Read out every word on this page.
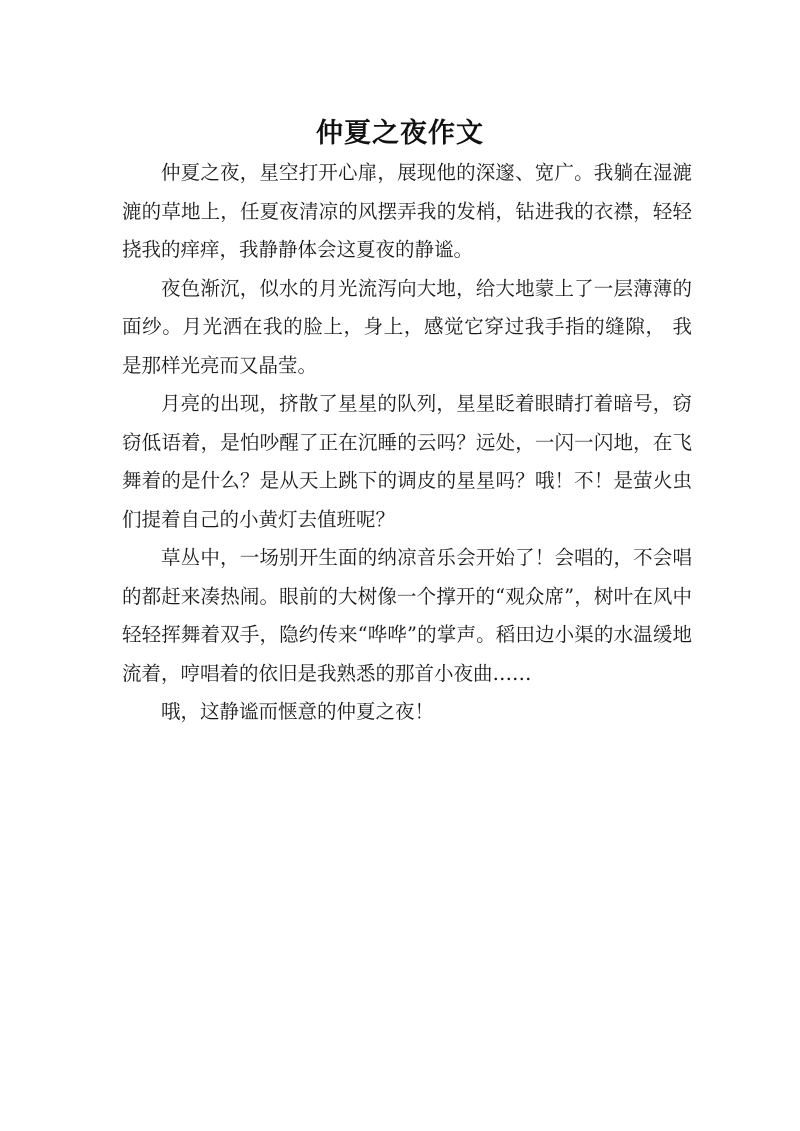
仲夏之夜作文

仲夏之夜，星空打开心扉，展现他的深邃、宽广。我躺在湿漉漉的草地上，任夏夜清凉的风摆弄我的发梢，钻进我的衣襟，轻轻挠我的痒痒，我静静体会这夏夜的静谧。

夜色渐沉，似水的月光流泻向大地，给大地蒙上了一层薄薄的面纱。月光洒在我的脸上，身上，感觉它穿过我手指的缝隙， 我是那样光亮而又晶莹。

月亮的出现，挤散了星星的队列，星星眨着眼睛打着暗号，窃窃低语着，是怕吵醒了正在沉睡的云吗？远处，一闪一闪地，在飞舞着的是什么？是从天上跳下的调皮的星星吗？哦！不！是萤火虫们提着自己的小黄灯去值班呢？

草丛中，一场别开生面的纳凉音乐会开始了！会唱的，不会唱的都赶来凑热闹。眼前的大树像一个撑开的“观众席”，树叶在风中轻轻挥舞着双手，隐约传来“哗哗”的掌声。稻田边小渠的水温缓地流着，哼唱着的依旧是我熟悉的那首小夜曲……

哦，这静谧而惬意的仲夏之夜！
